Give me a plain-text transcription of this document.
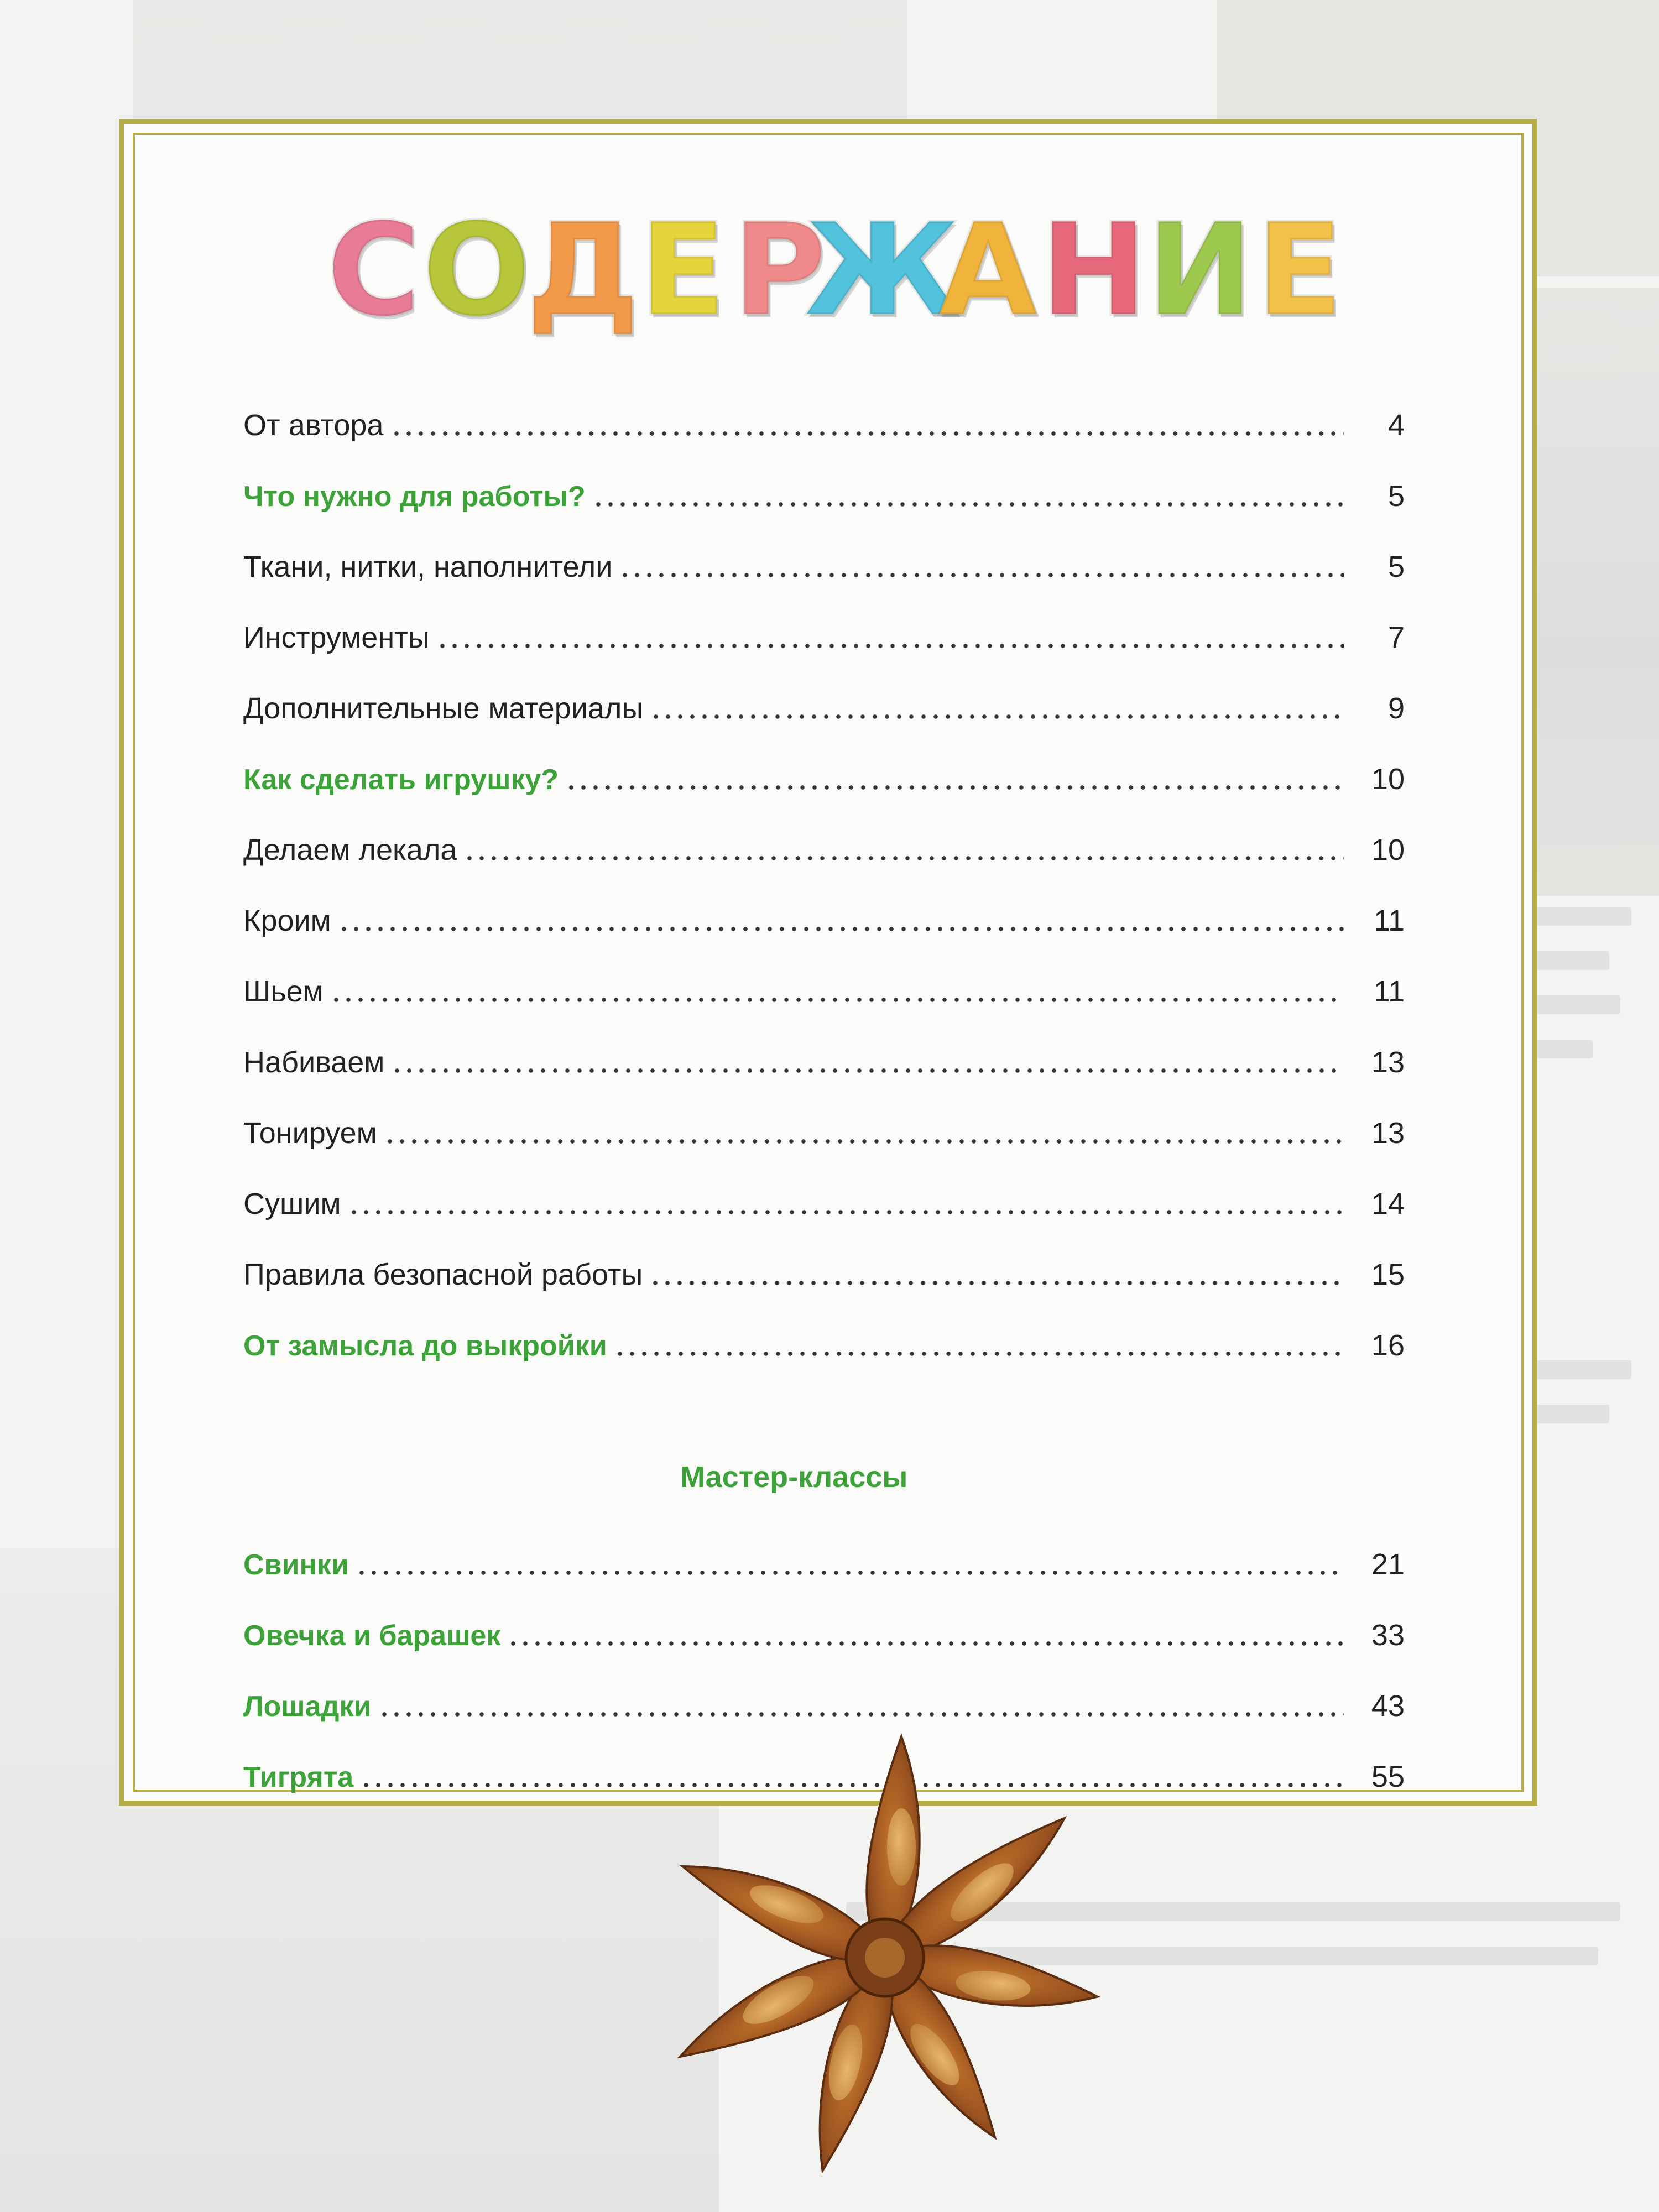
С О
Д Е Р
Ж
А Н И Е
От автора	4
Что нужно для работы?	5
Ткани, нитки, наполнители	5
Инструменты	7
Дополнительные материалы	9
Как сделать игрушку?	10
Делаем лекала	10
Кроим	11
Шьем	11
Набиваем	13
Тонируем	13
Сушим	14
Правила безопасной работы	15
От замысла до выкройки	16
Свинки	21
Овечка и барашек	33
Лошадки	43
Тигрята	55
Мастер-классы
